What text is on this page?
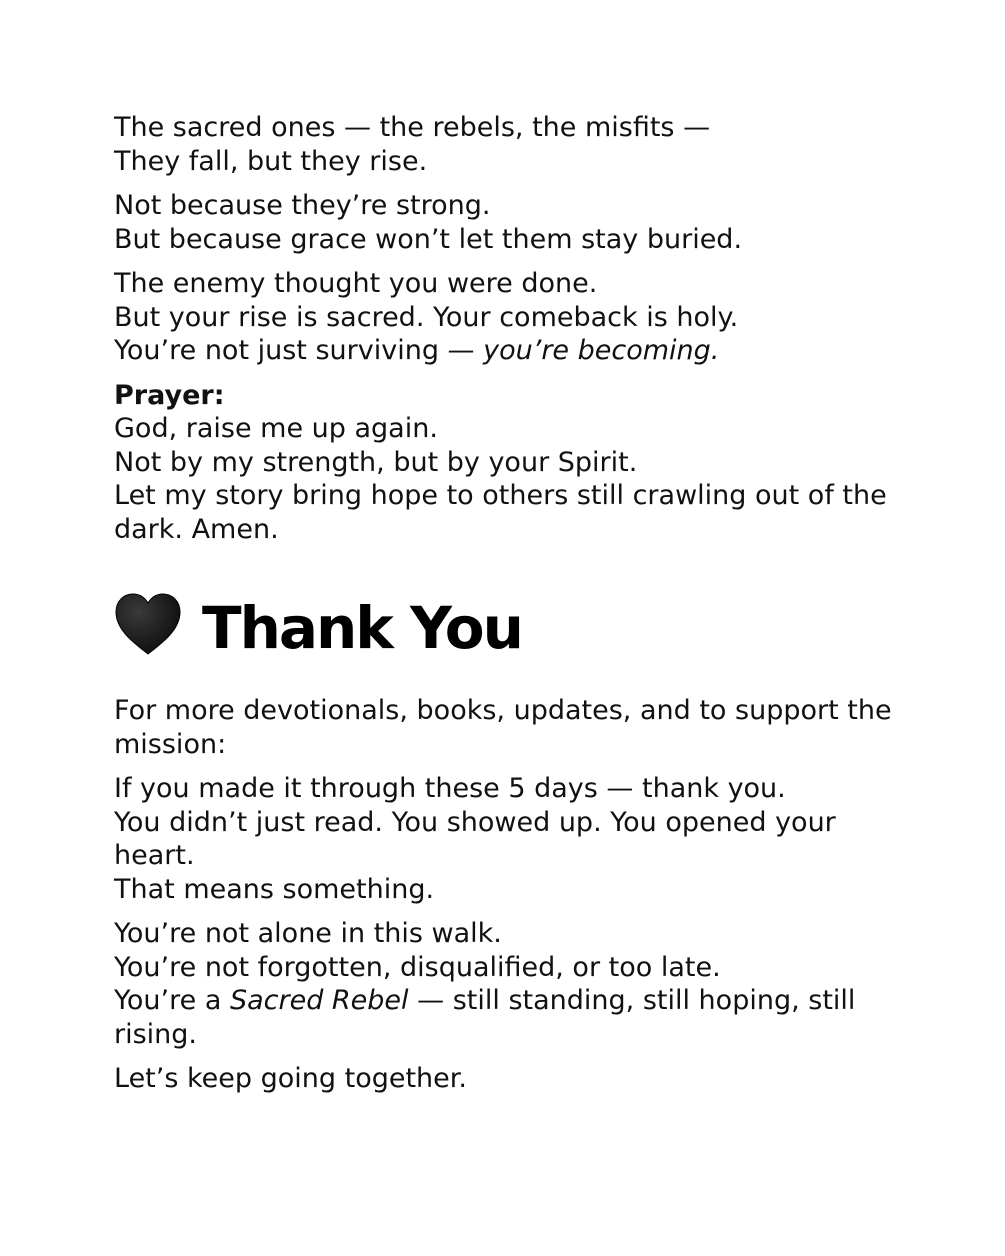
The sacred ones — the rebels, the misfits —
They fall, but they rise.

Not because they’re strong.
But because grace won’t let them stay buried.

The enemy thought you were done.
But your rise is sacred. Your comeback is holy.
You’re not just surviving — you’re becoming.

Prayer:
God, raise me up again.
Not by my strength, but by your Spirit.
Let my story bring hope to others still crawling out of the dark. Amen.

Thank You

For more devotionals, books, updates, and to support the mission:

If you made it through these 5 days — thank you.
You didn’t just read. You showed up. You opened your heart.
That means something.

You’re not alone in this walk.
You’re not forgotten, disqualified, or too late.
You’re a Sacred Rebel — still standing, still hoping, still rising.

Let’s keep going together.
